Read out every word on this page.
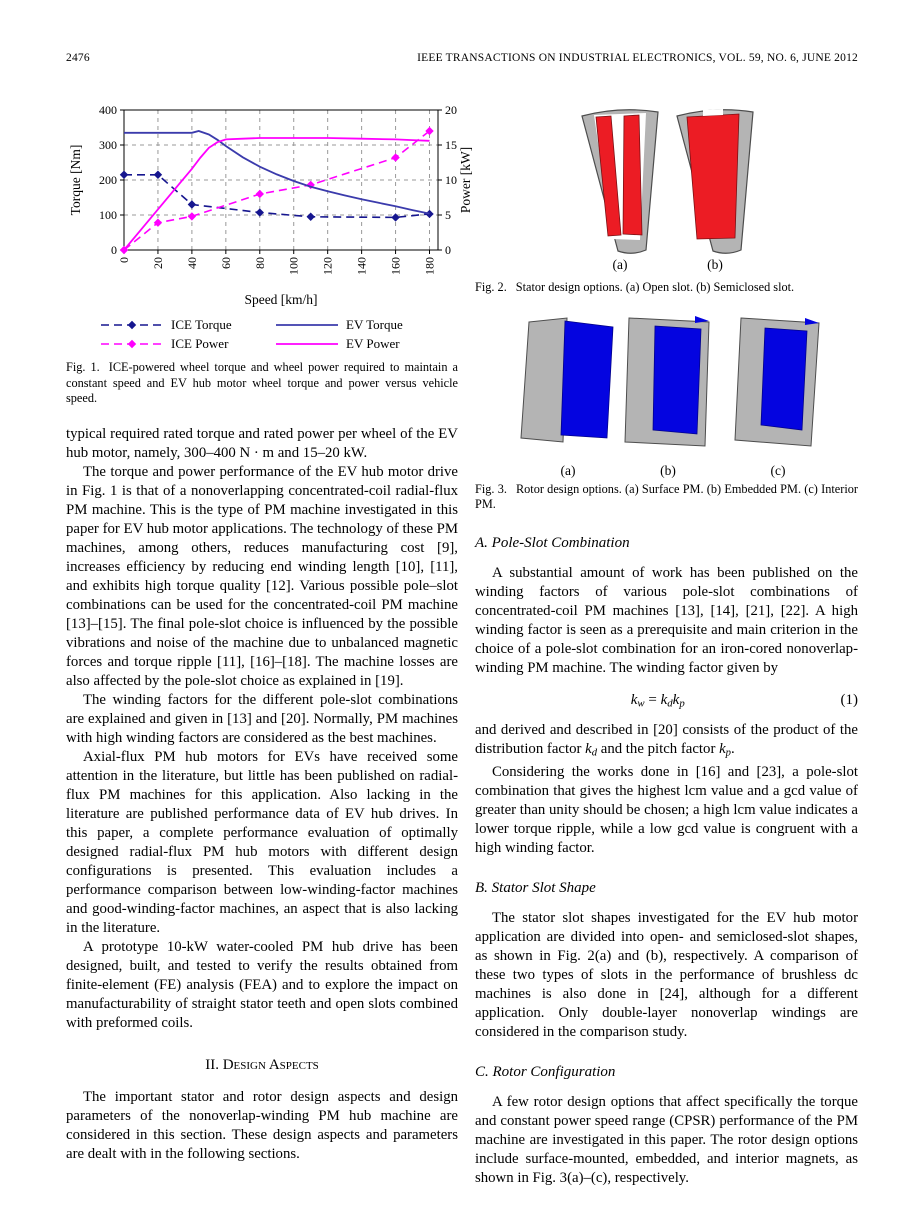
2476	IEEE TRANSACTIONS ON INDUSTRIAL ELECTRONICS, VOL. 59, NO. 6, JUNE 2012
0 20 40 60 80 100 120 140 160 180
0
100
200
300
400
0
5
10
15
20
Torque [Nm]	Power [kW]
Speed [km/h]
ICE Torque
ICE Power
EV Torque
EV Power
Fig. 1. ICE-powered wheel torque and wheel power required to maintain a constant speed and EV hub motor wheel torque and power versus vehicle speed.

typical required rated torque and rated power per wheel of the EV hub motor, namely, 300–400 N · m and 15–20 kW.

The torque and power performance of the EV hub motor drive in Fig. 1 is that of a nonoverlapping concentrated-coil radial-flux PM machine. This is the type of PM machine investigated in this paper for EV hub motor applications. The technology of these PM machines, among others, reduces manufacturing cost [9], increases efficiency by reducing end winding length [10], [11], and exhibits high torque quality [12]. Various possible pole–slot combinations can be used for the concentrated-coil PM machine [13]–[15]. The final pole-slot choice is influenced by the possible vibrations and noise of the machine due to unbalanced magnetic forces and torque ripple [11], [16]–[18]. The machine losses are also affected by the pole-slot choice as explained in [19].

The winding factors for the different pole-slot combinations are explained and given in [13] and [20]. Normally, PM machines with high winding factors are considered as the best machines.

Axial-flux PM hub motors for EVs have received some attention in the literature, but little has been published on radial-flux PM machines for this application. Also lacking in the literature are published performance data of EV hub drives. In this paper, a complete performance evaluation of optimally designed radial-flux PM hub motors with different design configurations is presented. This evaluation includes a performance comparison between low-winding-factor machines and good-winding-factor machines, an aspect that is also lacking in the literature.

A prototype 10-kW water-cooled PM hub drive has been designed, built, and tested to verify the results obtained from finite-element (FE) analysis (FEA) and to explore the impact on manufacturability of straight stator teeth and open slots combined with preformed coils.

II. Design Aspects

The important stator and rotor design aspects and design parameters of the nonoverlap-winding PM hub machine are considered in this section. These design aspects and parameters are dealt with in the following sections.

(a)	(b)
Fig. 2. Stator design options. (a) Open slot. (b) Semiclosed slot.
(a)	(b)	(c)
Fig. 3. Rotor design options. (a) Surface PM. (b) Embedded PM. (c) Interior PM.
A. Pole-Slot Combination

A substantial amount of work has been published on the winding factors of various pole-slot combinations of concentrated-coil PM machines [13], [14], [21], [22]. A high winding factor is seen as a prerequisite and main criterion in the choice of a pole-slot combination for an iron-cored nonoverlap-winding PM machine. The winding factor given by

kw = kdkp	(1)

and derived and described in [20] consists of the product of the distribution factor kd and the pitch factor kp.

Considering the works done in [16] and [23], a pole-slot combination that gives the highest lcm value and a gcd value of greater than unity should be chosen; a high lcm value indicates a lower torque ripple, while a low gcd value is congruent with a high winding factor.

B. Stator Slot Shape

The stator slot shapes investigated for the EV hub motor application are divided into open- and semiclosed-slot shapes, as shown in Fig. 2(a) and (b), respectively. A comparison of these two types of slots in the performance of brushless dc machines is also done in [24], although for a different application. Only double-layer nonoverlap windings are considered in the comparison study.

C. Rotor Configuration

A few rotor design options that affect specifically the torque and constant power speed range (CPSR) performance of the PM machine are investigated in this paper. The rotor design options include surface-mounted, embedded, and interior magnets, as shown in Fig. 3(a)–(c), respectively.
